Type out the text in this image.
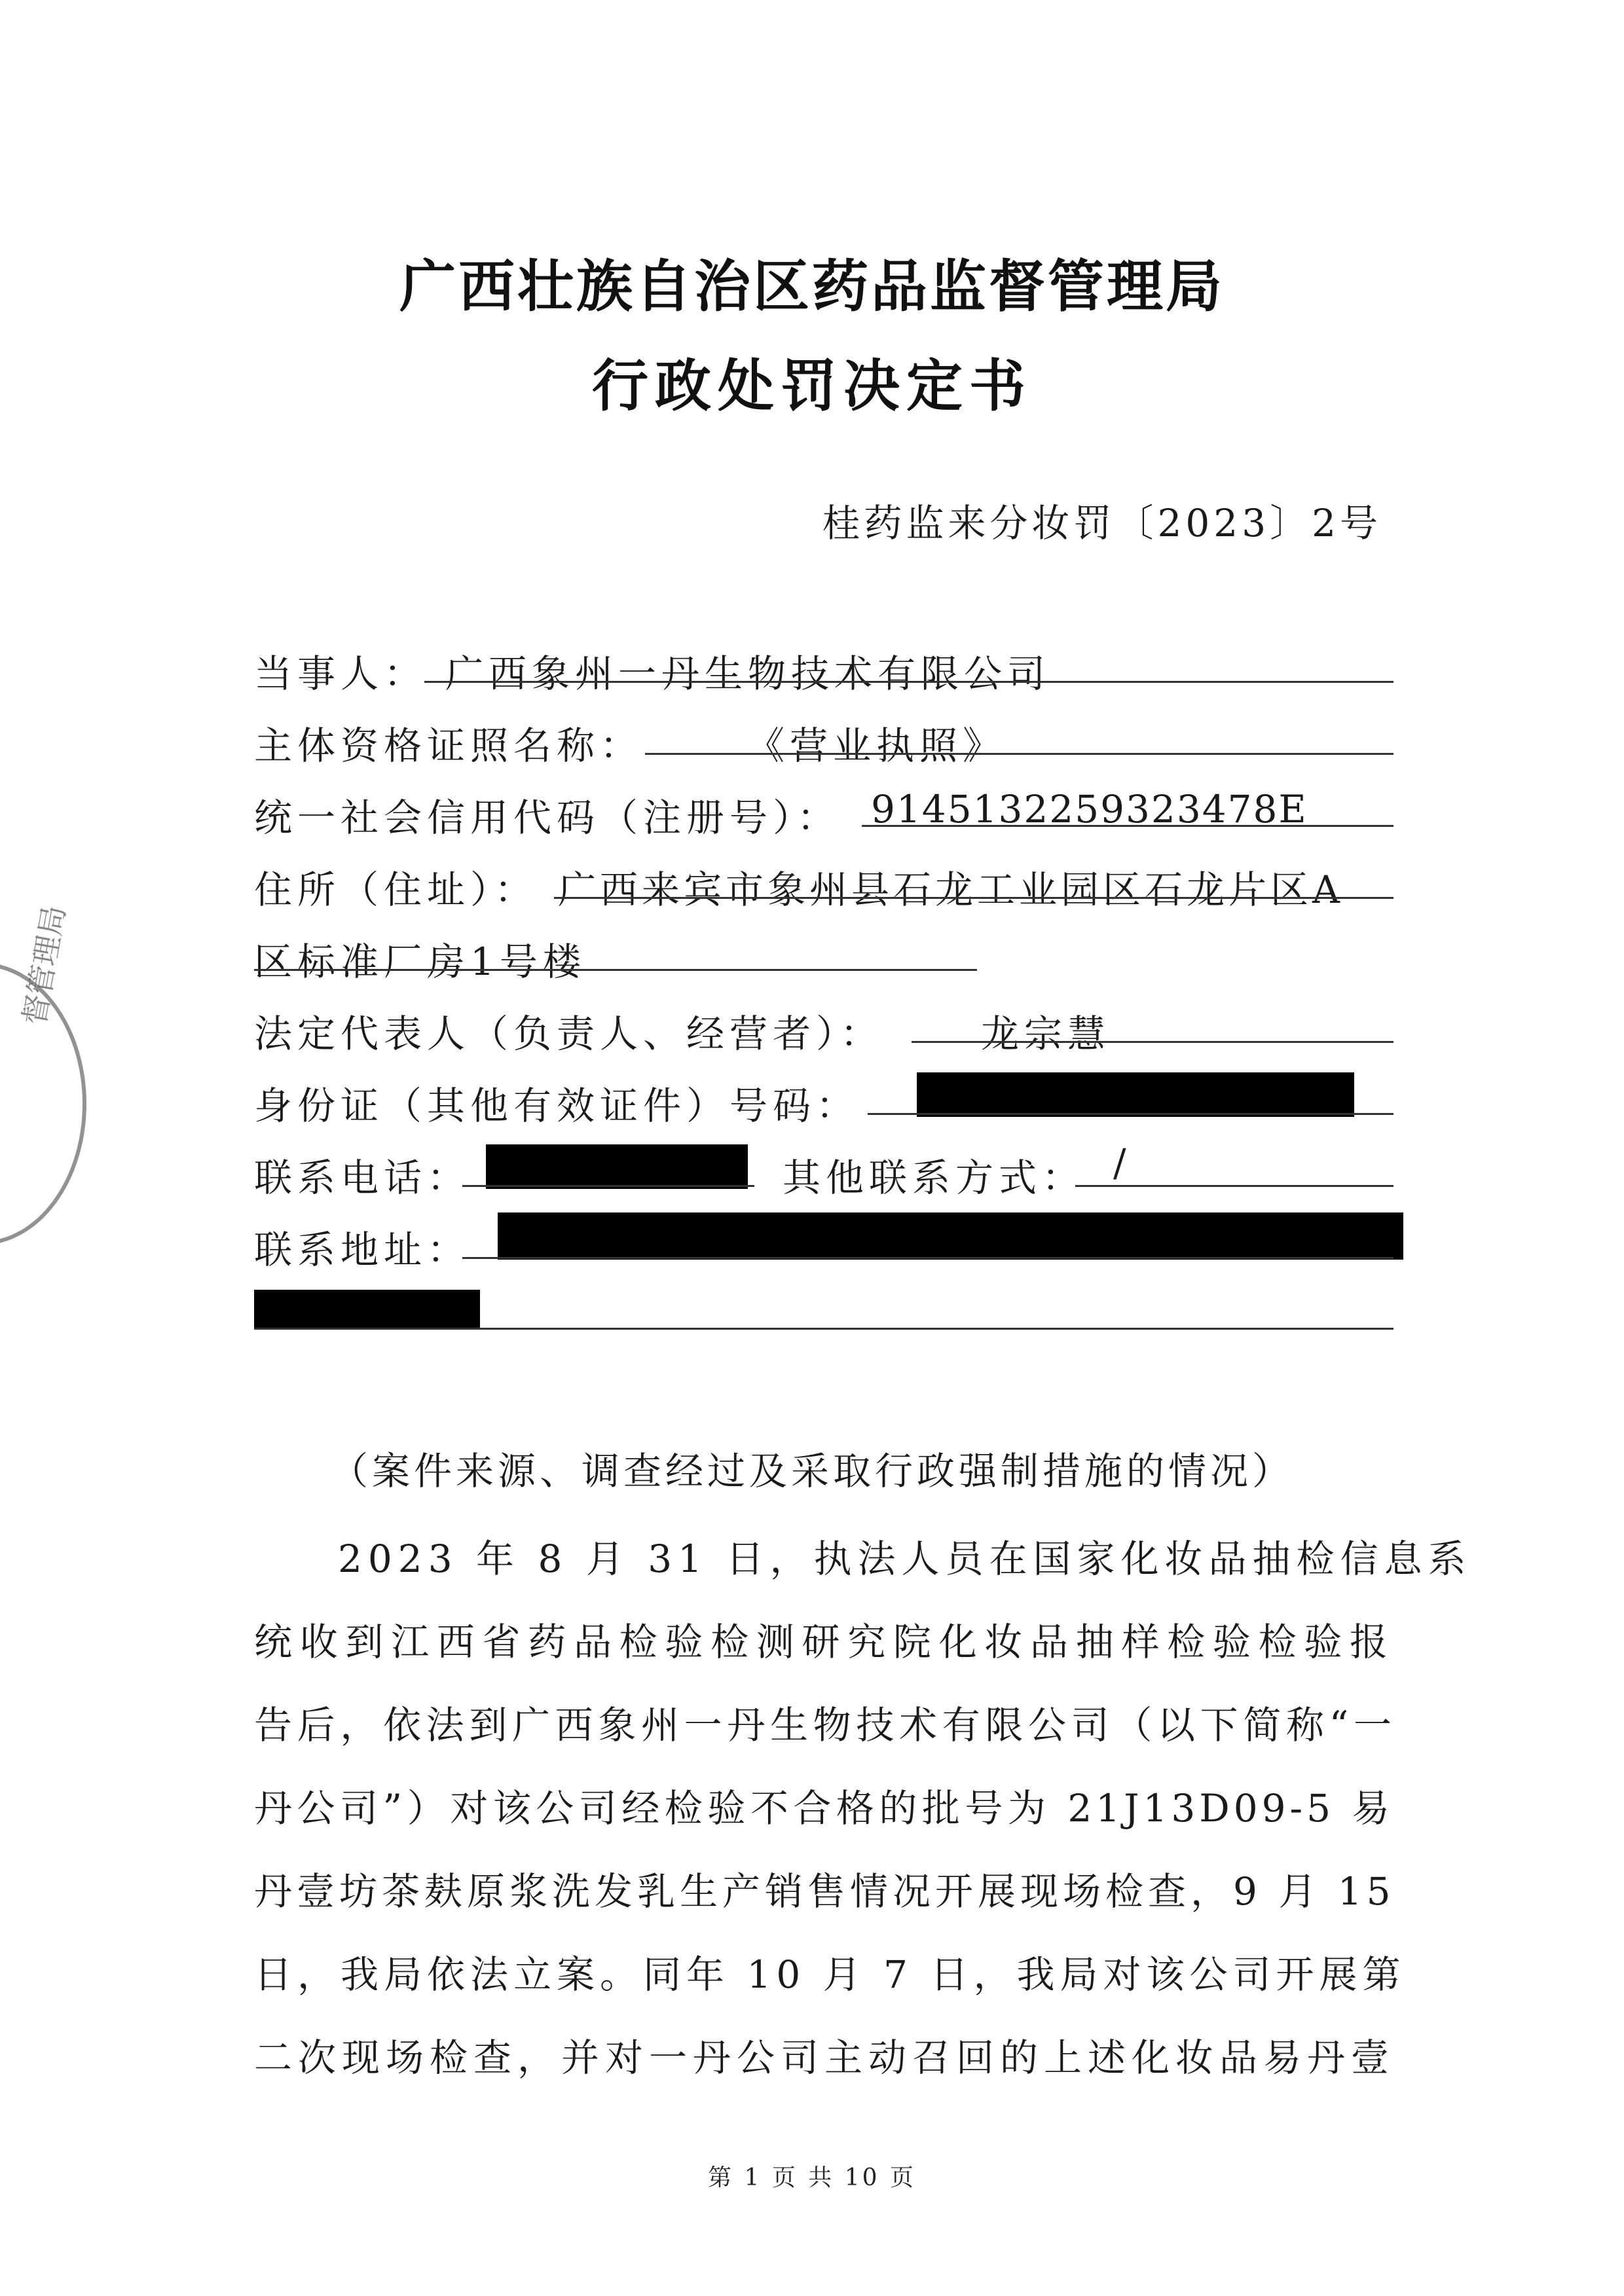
督管理局
广西壮族自治区药品监督管理局
行政处罚决定书
桂药监来分妆罚〔2023〕2号
当事人： 广西象州一丹生物技术有限公司
主体资格证照名称：	《营业执照》
统一社会信用代码（注册号）： 9145132259323478E
住所（住址）： 广西来宾市象州县石龙工业园区石龙片区A
区标准厂房1号楼
法定代表人（负责人、经营者）：	龙宗慧
身份证（其他有效证件）号码：
联系电话：	其他联系方式： /
联系地址：
（案件来源、调查经过及采取行政强制措施的情况）
2023 年 8 月 31 日，执法人员在国家化妆品抽检信息系
统收到江西省药品检验检测研究院化妆品抽样检验检验报
告后，依法到广西象州一丹生物技术有限公司（以下简称“一
丹公司”）对该公司经检验不合格的批号为 21J13D09-5 易
丹壹坊茶麸原浆洗发乳生产销售情况开展现场检查，9 月 15
日，我局依法立案。同年 10 月 7 日，我局对该公司开展第
二次现场检查，并对一丹公司主动召回的上述化妆品易丹壹
第 1 页 共 10 页
